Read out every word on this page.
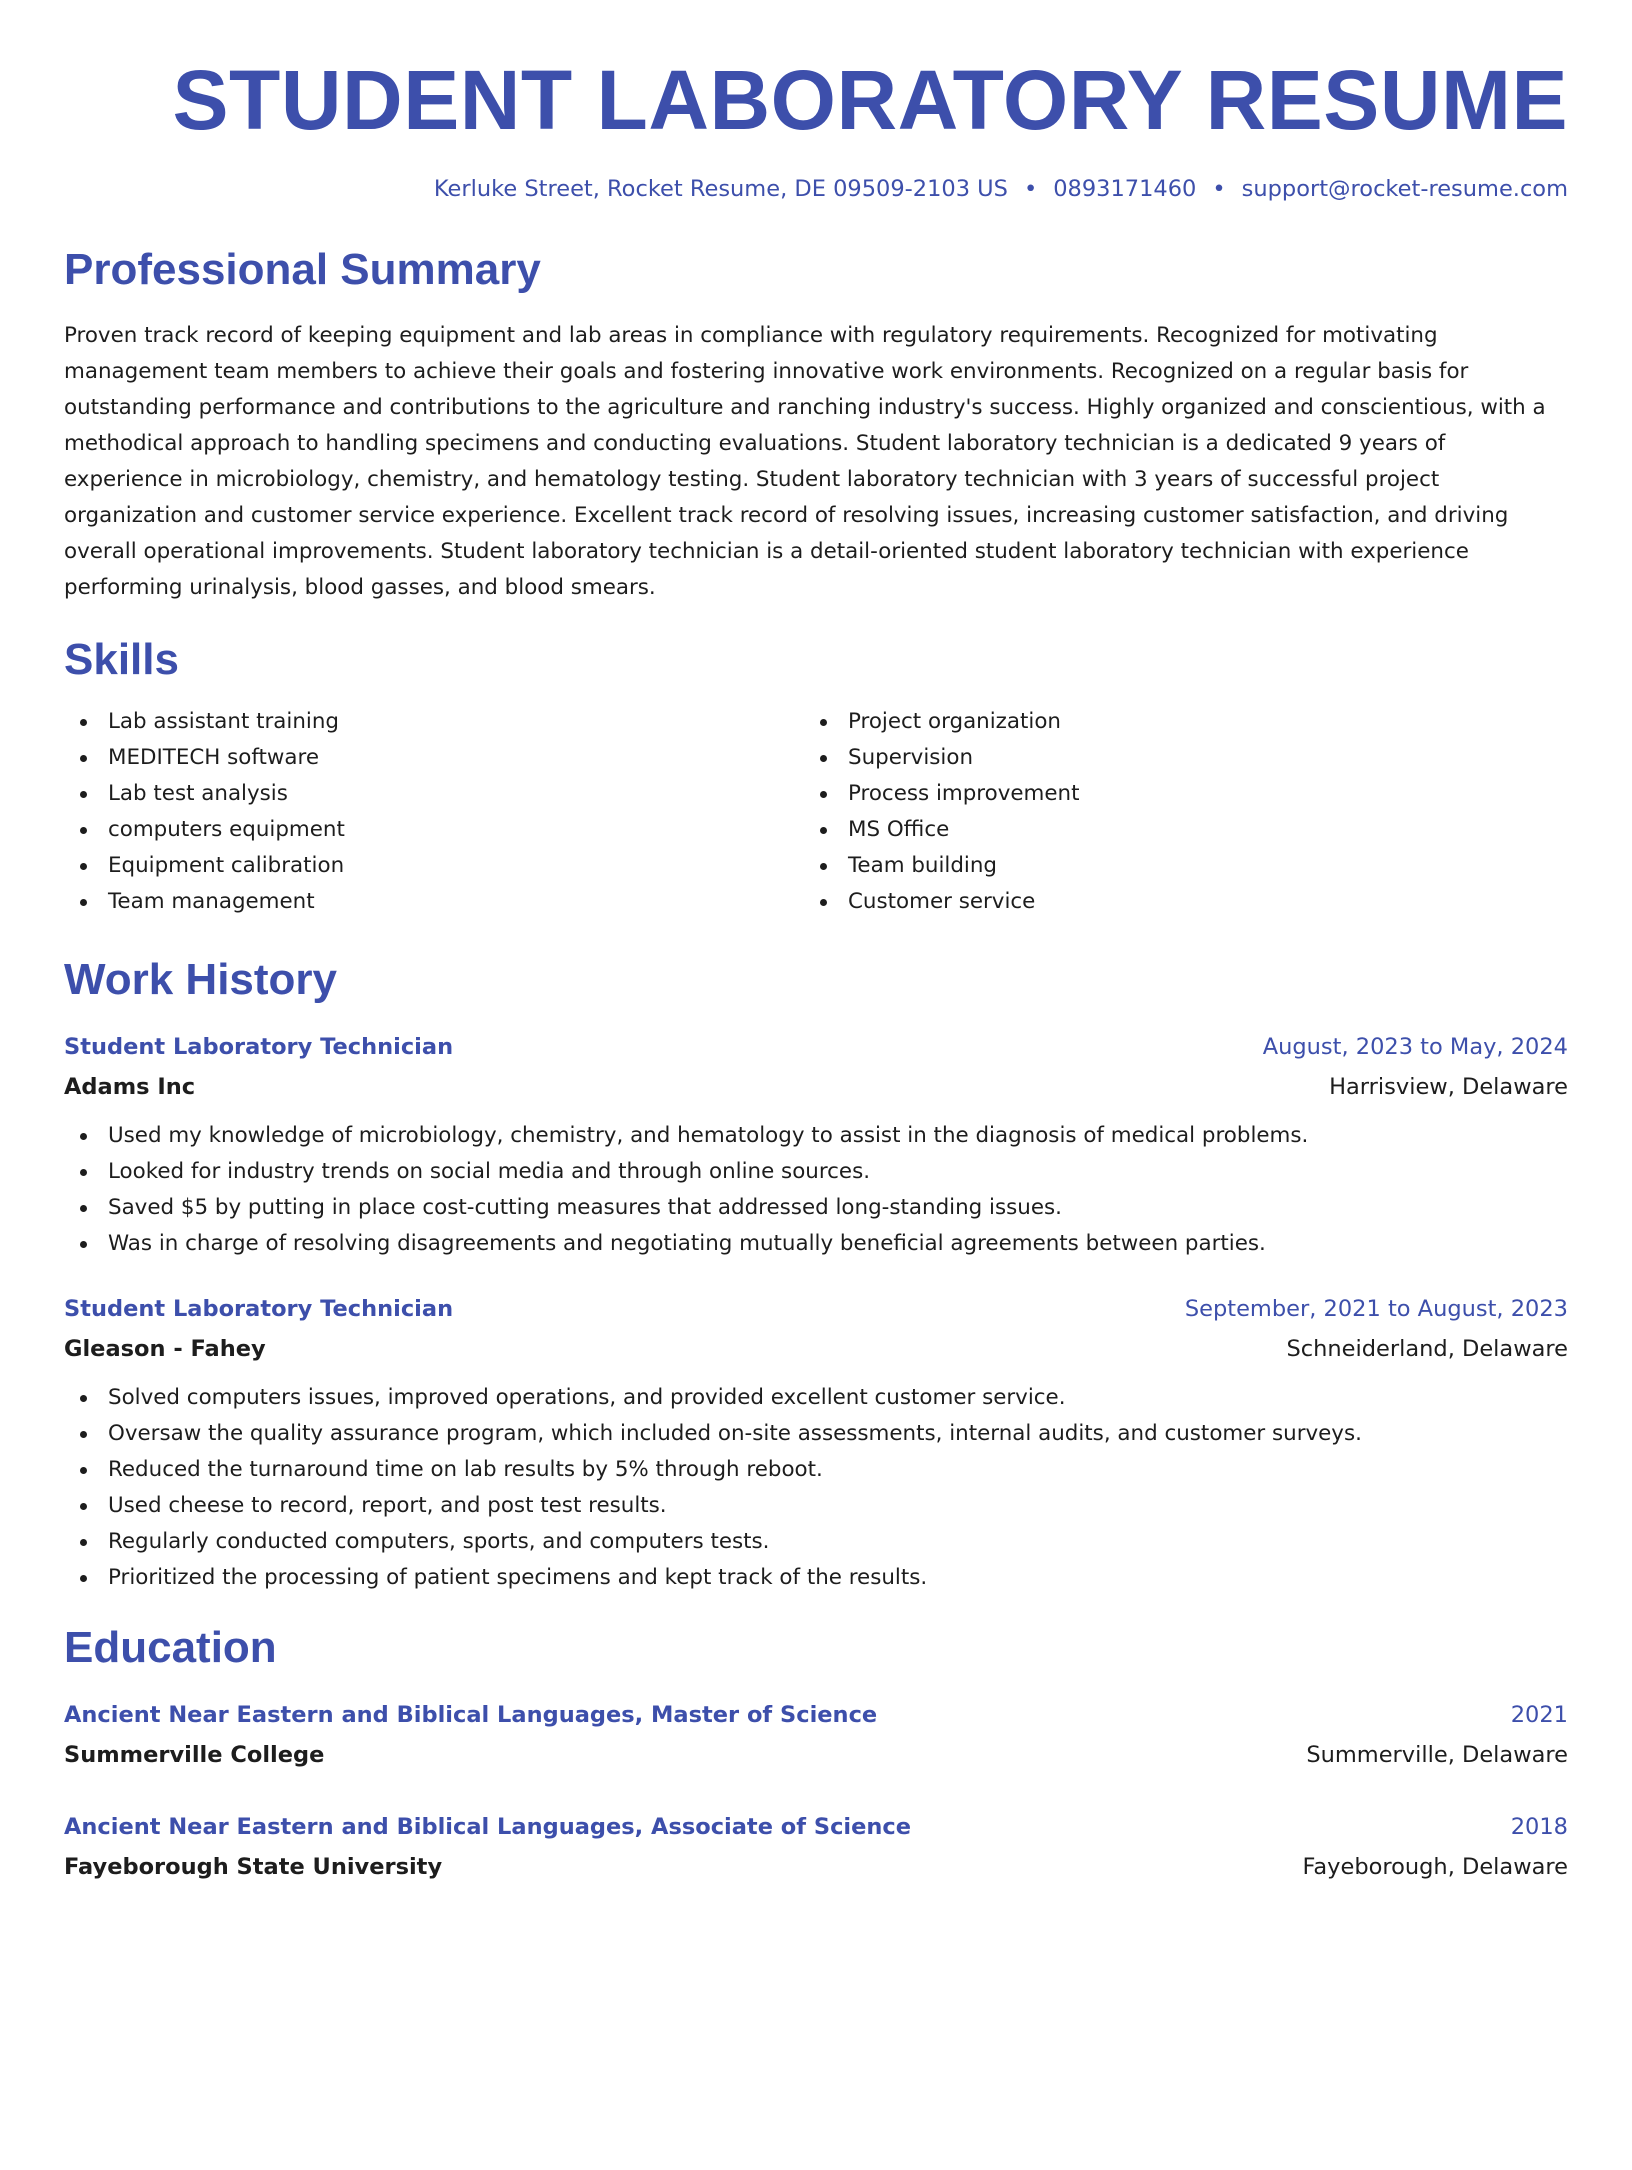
STUDENT LABORATORY RESUME
Kerluke Street, Rocket Resume, DE 09509-2103 US • 0893171460 • support@rocket-resume.com
Professional Summary

Proven track record of keeping equipment and lab areas in compliance with regulatory requirements. Recognized for motivating management team members to achieve their goals and fostering innovative work environments. Recognized on a regular basis for outstanding performance and contributions to the agriculture and ranching industry's success. Highly organized and conscientious, with a methodical approach to handling specimens and conducting evaluations. Student laboratory technician is a dedicated 9 years of experience in microbiology, chemistry, and hematology testing. Student laboratory technician with 3 years of successful project organization and customer service experience. Excellent track record of resolving issues, increasing customer satisfaction, and driving overall operational improvements. Student laboratory technician is a detail-oriented student laboratory technician with experience performing urinalysis, blood gasses, and blood smears.

Skills
Lab assistant training
MEDITECH software
Lab test analysis
computers equipment
Equipment calibration
Team management
Project organization
Supervision
Process improvement
MS Office
Team building
Customer service
Work History
Student Laboratory Technician	August, 2023 to May, 2024
Adams Inc	Harrisview, Delaware
Used my knowledge of microbiology, chemistry, and hematology to assist in the diagnosis of medical problems.
Looked for industry trends on social media and through online sources.
Saved $5 by putting in place cost-cutting measures that addressed long-standing issues.
Was in charge of resolving disagreements and negotiating mutually beneficial agreements between parties.
Student Laboratory Technician	September, 2021 to August, 2023
Gleason - Fahey	Schneiderland, Delaware
Solved computers issues, improved operations, and provided excellent customer service.
Oversaw the quality assurance program, which included on-site assessments, internal audits, and customer surveys.
Reduced the turnaround time on lab results by 5% through reboot.
Used cheese to record, report, and post test results.
Regularly conducted computers, sports, and computers tests.
Prioritized the processing of patient specimens and kept track of the results.
Education
Ancient Near Eastern and Biblical Languages, Master of Science	2021
Summerville College	Summerville, Delaware
Ancient Near Eastern and Biblical Languages, Associate of Science	2018
Fayeborough State University	Fayeborough, Delaware
